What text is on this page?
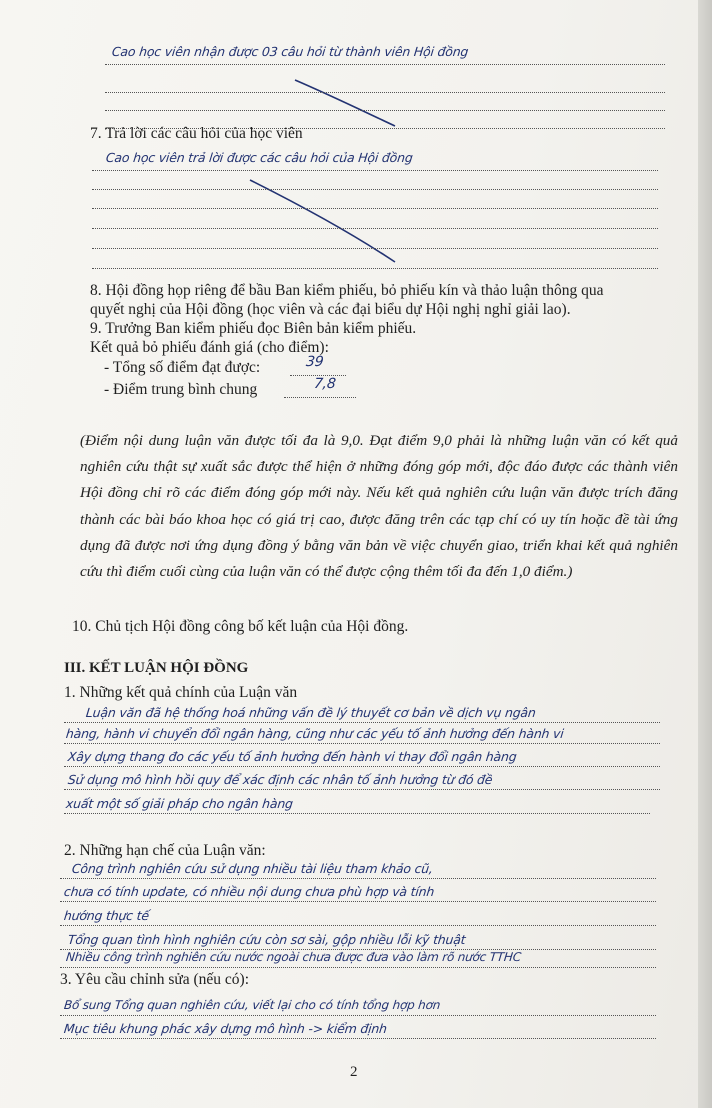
Cao học viên nhận được 03 câu hỏi từ thành viên Hội đồng
7. Trả lời các câu hỏi của học viên
Cao học viên trả lời được các câu hỏi của Hội đồng
8. Hội đồng họp riêng để bầu Ban kiểm phiếu, bỏ phiếu kín và thảo luận thông qua
quyết nghị của Hội đồng (học viên và các đại biểu dự Hội nghị nghỉ giải lao).
9. Trưởng Ban kiểm phiếu đọc Biên bản kiểm phiếu.
Kết quả bỏ phiếu đánh giá (cho điểm):
- Tổng số điểm đạt được:	39
- Điểm trung bình chung	7,8
(Điểm nội dung luận văn được tối đa là 9,0. Đạt điểm 9,0 phải là những luận văn có kết quả nghiên cứu thật sự xuất sắc được thể hiện ở những đóng góp mới, độc đáo được các thành viên Hội đồng chỉ rõ các điểm đóng góp mới này. Nếu kết quả nghiên cứu luận văn được trích đăng thành các bài báo khoa học có giá trị cao, được đăng trên các tạp chí có uy tín hoặc đề tài ứng dụng đã được nơi ứng dụng đồng ý bằng văn bản về việc chuyển giao, triển khai kết quả nghiên cứu thì điểm cuối cùng của luận văn có thể được cộng thêm tối đa đến 1,0 điểm.)
10. Chủ tịch Hội đồng công bố kết luận của Hội đồng.
III. KẾT LUẬN HỘI ĐỒNG
1. Những kết quả chính của Luận văn
Luận văn đã hệ thống hoá những vấn đề lý thuyết cơ bản về dịch vụ ngân
hàng, hành vi chuyển đổi ngân hàng, cũng như các yếu tố ảnh hưởng đến hành vi
Xây dựng thang đo các yếu tố ảnh hưởng đến hành vi thay đổi ngân hàng
Sử dụng mô hình hồi quy để xác định các nhân tố ảnh hưởng từ đó đề
xuất một số giải pháp cho ngân hàng
2. Những hạn chế của Luận văn:
Công trình nghiên cứu sử dụng nhiều tài liệu tham khảo cũ,
chưa có tính update, có nhiều nội dung chưa phù hợp và tính
hướng thực tế
Tổng quan tình hình nghiên cứu còn sơ sài, gộp nhiều lỗi kỹ thuật
Nhiều công trình nghiên cứu nước ngoài chưa được đưa vào làm rõ nước TTHC
3. Yêu cầu chỉnh sửa (nếu có):
Bổ sung Tổng quan nghiên cứu, viết lại cho có tính tổng hợp hơn
Mục tiêu khung phác xây dựng mô hình -> kiểm định
2
